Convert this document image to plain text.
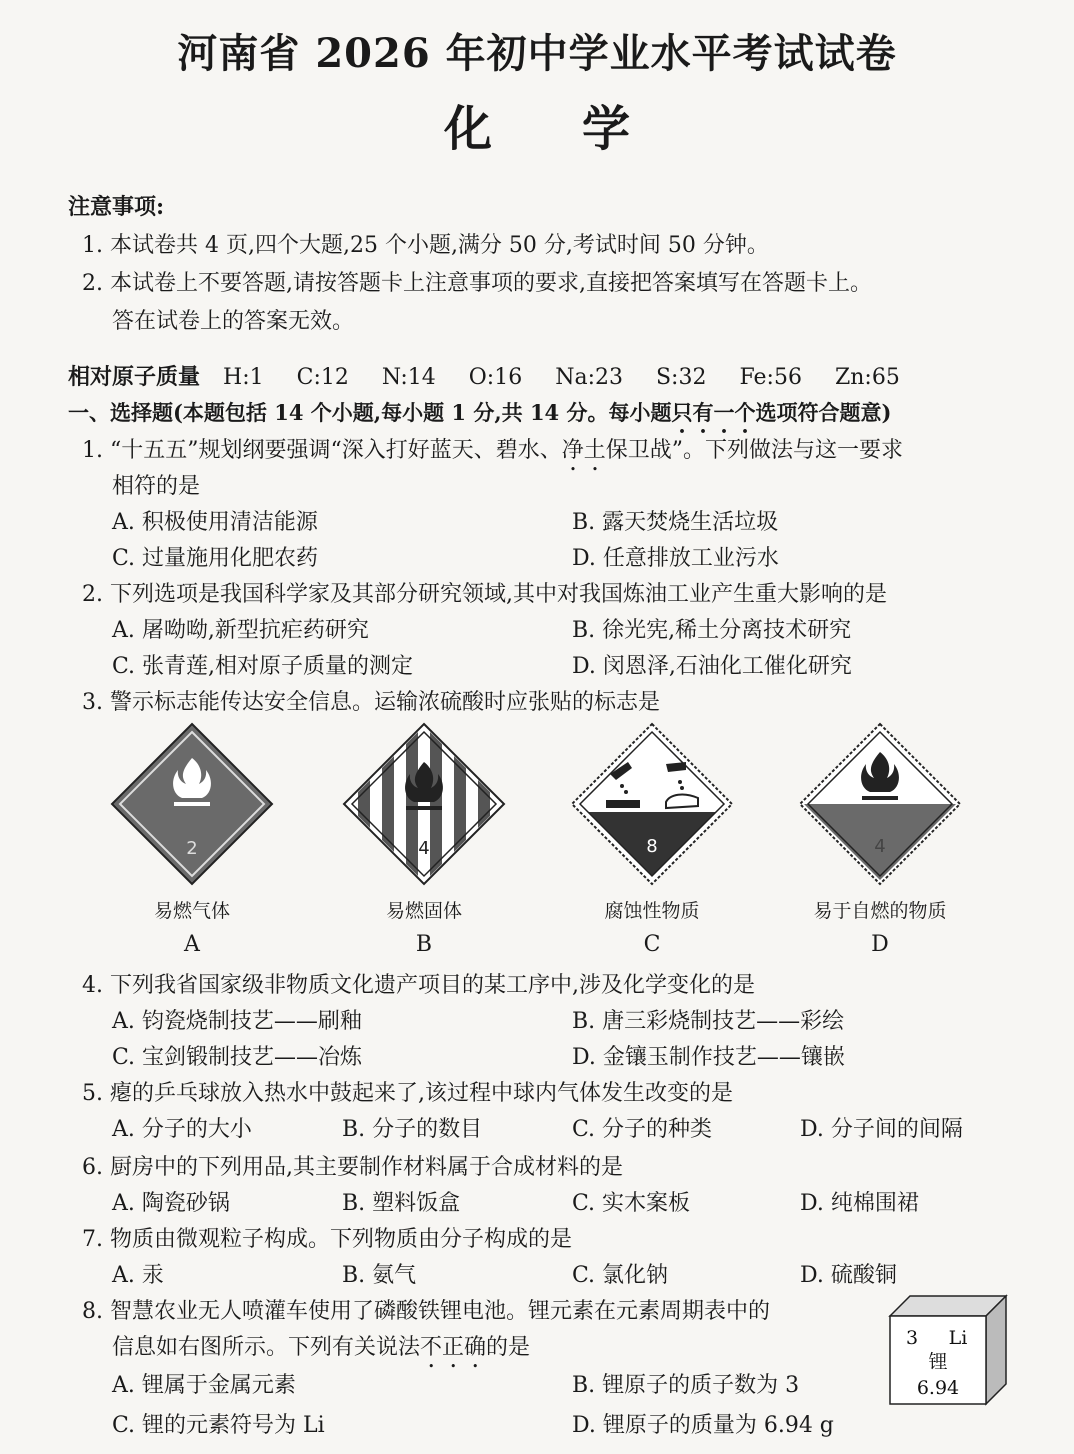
河南省 2026 年初中学业水平考试试卷
化学
注意事项:
1. 本试卷共 4 页,四个大题,25 个小题,满分 50 分,考试时间 50 分钟。
2. 本试卷上不要答题,请按答题卡上注意事项的要求,直接把答案填写在答题卡上。
答在试卷上的答案无效。
相对原子质量 H:1 C:12 N:14 O:16 Na:23 S:32 Fe:56 Zn:65
一、选择题(本题包括 14 个小题,每小题 1 分,共 14 分。每小题只有一个选项符合题意)
1. “十五五”规划纲要强调“深入打好蓝天、碧水、净土保卫战”。下列做法与这一要求
相符的是
A. 积极使用清洁能源	B. 露天焚烧生活垃圾
C. 过量施用化肥农药	D. 任意排放工业污水
2. 下列选项是我国科学家及其部分研究领域,其中对我国炼油工业产生重大影响的是
A. 屠呦呦,新型抗疟药研究	B. 徐光宪,稀土分离技术研究
C. 张青莲,相对原子质量的测定	D. 闵恩泽,石油化工催化研究
3. 警示标志能传达安全信息。运输浓硫酸时应张贴的标志是
2	4	8	4
易燃气体	易燃固体	腐蚀性物质	易于自燃的物质
A	B	C	D
4. 下列我省国家级非物质文化遗产项目的某工序中,涉及化学变化的是
A. 钧瓷烧制技艺——刷釉	B. 唐三彩烧制技艺——彩绘
C. 宝剑锻制技艺——冶炼	D. 金镶玉制作技艺——镶嵌
5. 瘪的乒乓球放入热水中鼓起来了,该过程中球内气体发生改变的是
A. 分子的大小	B. 分子的数目	C. 分子的种类	D. 分子间的间隔
6. 厨房中的下列用品,其主要制作材料属于合成材料的是
A. 陶瓷砂锅	B. 塑料饭盒	C. 实木案板	D. 纯棉围裙
7. 物质由微观粒子构成。下列物质由分子构成的是
A. 汞	B. 氨气	C. 氯化钠	D. 硫酸铜
8. 智慧农业无人喷灌车使用了磷酸铁锂电池。锂元素在元素周期表中的
信息如右图所示。下列有关说法不正确的是
A. 锂属于金属元素	B. 锂原子的质子数为 3
C. 锂的元素符号为 Li	D. 锂原子的质量为 6.94 g
3 Li
锂
6.94
